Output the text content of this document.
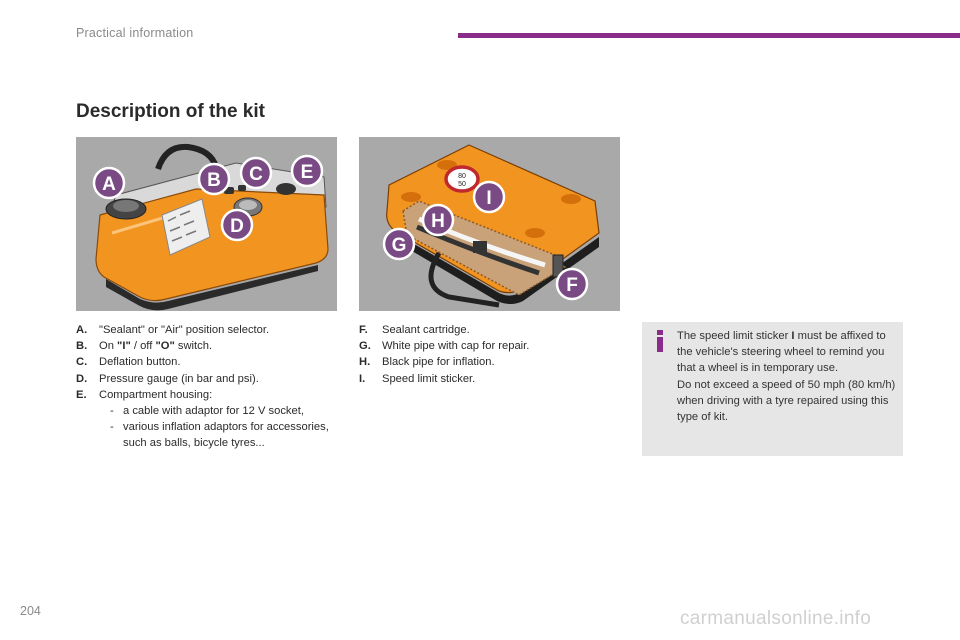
Practical information
Description of the kit
A	B C
D
E	80
50
I
H
G
F
A.	"Sealant" or "Air" position selector.
B.	On "I" / off "O" switch.
C.	Deflation button.
D.	Pressure gauge (in bar and psi).
E.	Compartment housing:
- a cable with adaptor for 12 V socket,
- various inflation adaptors for accessories, such as balls, bicycle tyres...
F.	Sealant cartridge.
G. White pipe with cap for repair.
H.	Black pipe for inflation.
I.	Speed limit sticker.
The speed limit sticker I must be affixed to the vehicle's steering wheel to remind you that a wheel is in temporary use.
Do not exceed a speed of 50 mph (80 km/h) when driving with a tyre repaired using this type of kit.
204	carmanualsonline.info
